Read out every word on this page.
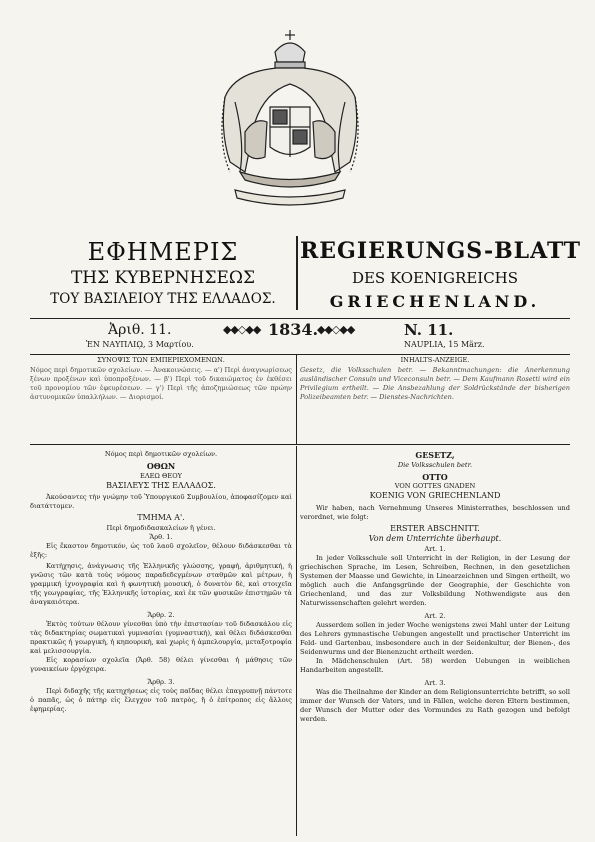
ΕΦΗΜΕΡΙΣ
ΤΗΣ ΚΥΒΕΡΝΗΣΕΩΣ
ΤΟΥ ΒΑΣΙΛΕΙΟΥ ΤΗΣ ΕΛΛΑΔΟΣ.
REGIERUNGS-BLATT
DES KOENIGREICHS
GRIECHENLAND.
Ἀριθ. 11.	◆◆◇◆◆ 1834.
◆◆◇◆◆	N. 11.
ἘΝ ΝΑΥΠΛΙῼ, 3 Μαρτίου.	NAUPLIA, 15 März.
ΣΥΝΟΨΙΣ ΤΩΝ ΕΜΠΕΡΙΕΧΟΜΕΝΩΝ.
Νόμος περὶ δημοτικῶν σχολείων. — Ἀνακοινώσεις. — α') Περὶ ἀναγνωρίσεως ξένων προξένων καὶ ὑποπροξένων. — β') Περὶ τοῦ δικαιώματος ἐν ἐκθέσει τοῦ προνομίου τῶν ἐφευρέσεων. — γ') Περὶ τῆς ἀποζημιώσεως τῶν πρώην ἀστυνομικῶν ὑπαλλήλων. — Διορισμοί.
INHALTS-ANZEIGE.
Gesetz, die Volksschulen betr. — Bekanntmachungen: die Anerkennung ausländischer Consuln und Viceconsuln betr. — Dem Kaufmann Rosetti wird ein Privilegium ertheilt. — Die Ansbezahlung der Soldrückstände der bisherigen Polizeibeamten betr. — Dienstes-Nachrichten.
Νόμος περὶ δημοτικῶν σχολείων.
ΟΘΩΝ
ΕΛΕΩ ΘΕΟΥ
ΒΑΣΙΛΕΥΣ ΤΗΣ ΕΛΛΑΔΟΣ.
Ἀκούσαντες τὴν γνώμην τοῦ Ὑπουργικοῦ Συμβουλίου, ἀποφασίζομεν καὶ διατάττομεν.
ΤΜΗΜΑ Α'.
Περὶ δημοδιδασκαλείων ἢ γένει.
Ἄρθ. 1.
Εἰς ἕκαστον δημοτικόν, ὡς τοῦ λαοῦ σχολεῖον, θέλουν διδάσκεσθαι τὰ ἑξῆς:
Κατήχησις, ἀνάγνωσις τῆς Ἑλληνικῆς γλώσσης, γραφή, ἀριθμητική, ἡ γνῶσις τῶν κατὰ τοὺς νόμους παραδεδεγμένων σταθμῶν καὶ μέτρων, ἡ γραμμική ἰχνογραφία καὶ ἡ φωνητικὴ μουσική, ὁ δυνατὸν δὲ, καὶ στοιχεῖα τῆς γεωγραφίας, τῆς Ἑλληνικῆς ἱστορίας, καὶ ἐκ τῶν φυσικῶν ἐπιστημῶν τὰ ἀναγκαιότερα.
Ἄρθρ. 2.
Ἐκτὸς τούτων θέλουν γίνεσθαι ὑπὸ τὴν ἐπιστασίαν τοῦ διδασκάλου εἰς τὰς διδακτηρίας σωματικαὶ γυμνασίαι (γυμναστικὴ), καὶ θέλει διδάσκεσθαι πρακτικῶς ἡ γεωργικὴ, ἡ κηπουρικὴ, καὶ χωρὶς ἡ ἀμπελουργία, μεταξοτροφία καὶ μελισσουργία.
Εἰς κορασίων σχολεῖα (Ἄρθ. 58) θέλει γίνεσθαι ἡ μάθησις τῶν γυναικείων ἐργόχειρα.
Ἄρθρ. 3.
Περὶ διδαχῆς τῆς κατηχήσεως εἰς τοὺς παῖδας θέλει ἐπαγρυπνῇ πάντοτε ὁ παπᾶς, ὡς ὁ πάτηρ εἰς ἔλεγχον τοῦ πατρὸς, ἢ ὁ ἐπίτροπος εἰς ἄλλοις ἐφημερίας.
GESETZ,
Die Volksschulen betr.
OTTO
VON GOTTES GNADEN
KOENIG VON GRIECHENLAND
Wir haben, nach Vernehmung Unseres Ministerrathes, beschlossen und verordnet, wie folgt:
ERSTER ABSCHNITT.
Von dem Unterrichte überhaupt.
Art. 1.
In jeder Volksschule soll Unterricht in der Religion, in der Lesung der griechischen Sprache, im Lesen, Schreiben, Rechnen, in den gesetzlichen Systemen der Maasse und Gewichte, in Linearzeichnen und Singen ertheilt, wo möglich auch die Anfangsgründe der Geographie, der Geschichte von Griechenland, und das zur Volksbildung Nothwendigste aus den Naturwissenschaften gelehrt werden.
Art. 2.
Ausserdem sollen in jeder Woche wenigstens zwei Mahl unter der Leitung des Lehrers gymnastische Uebungen angestellt und practischer Unterricht im Feld- und Gartenbau, insbesondere auch in der Seidenkultur, der Bienen-, des Seidenwurms und der Bienenzucht ertheilt werden.
In Mädchenschulen (Art. 58) werden Uebungen in weiblichen Handarbeiten angestellt.
Art. 3.
Was die Theilnahme der Kinder an dem Religionsunterrichte betrifft, so soll immer der Wunsch der Vaters, und in Fällen, welche deren Eltern bestimmen, der Wunsch der Mutter oder des Vormundes zu Rath gezogen und befolgt werden.
